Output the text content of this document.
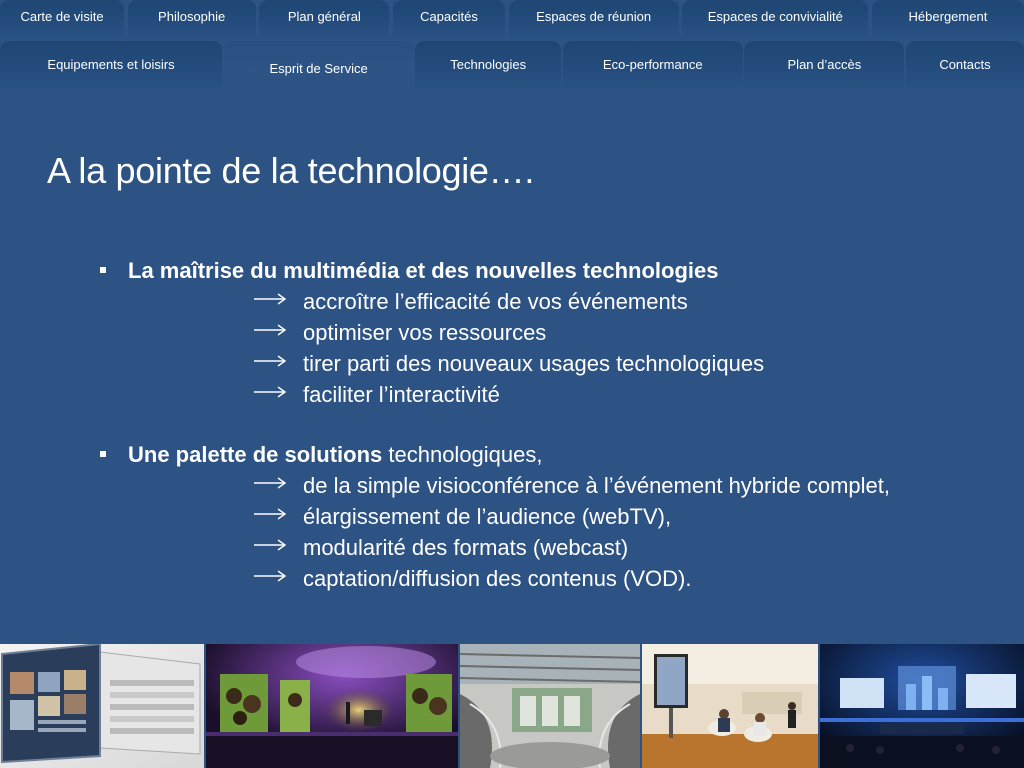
Carte de visite	Philosophie	Plan général	Capacités	Espaces de réunion	Espaces de convivialité	Hébergement
Equipements et loisirs	Esprit de Service	Technologies	Eco-performance	Plan d’accès	Contacts
A la pointe de la technologie….
La maîtrise du multimédia et des nouvelles technologies
accroître l’efficacité de vos événements
optimiser vos ressources
tirer parti des nouveaux usages technologiques
faciliter l’interactivité
Une palette de solutions technologiques,
de la simple visioconférence à l’événement hybride complet,
élargissement de l’audience (webTV),
modularité des formats (webcast)
captation/diffusion des contenus (VOD).
